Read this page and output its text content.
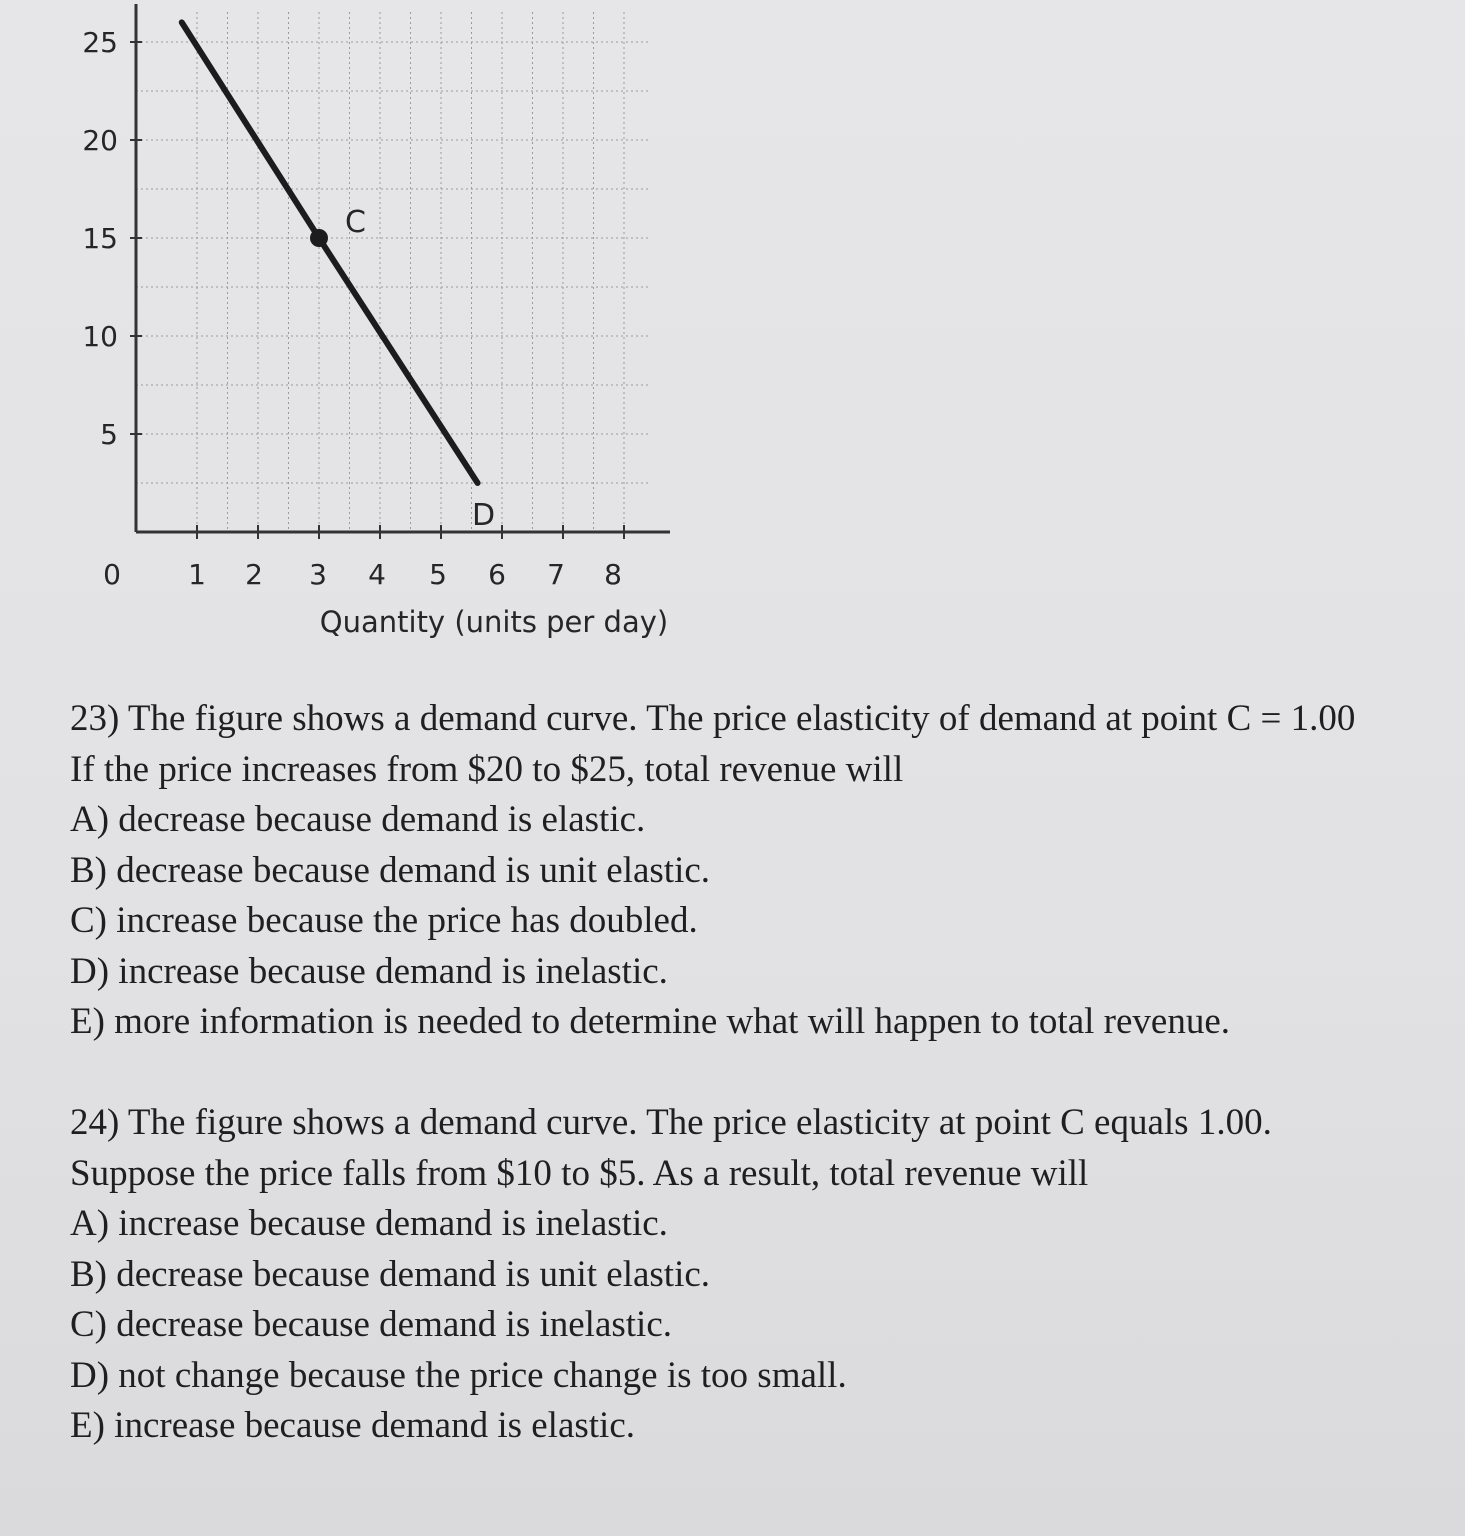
5
10
15
20
25
0 1 2 3 4 5 6 7 8
Quantity (units per day)
C
D
23) The figure shows a demand curve. The price elasticity of demand at point C = 1.00
If the price increases from $20 to $25, total revenue will
A) decrease because demand is elastic.
B) decrease because demand is unit elastic.
C) increase because the price has doubled.
D) increase because demand is inelastic.
E) more information is needed to determine what will happen to total revenue.
24) The figure shows a demand curve. The price elasticity at point C equals 1.00.
Suppose the price falls from $10 to $5. As a result, total revenue will
A) increase because demand is inelastic.
B) decrease because demand is unit elastic.
C) decrease because demand is inelastic.
D) not change because the price change is too small.
E) increase because demand is elastic.
